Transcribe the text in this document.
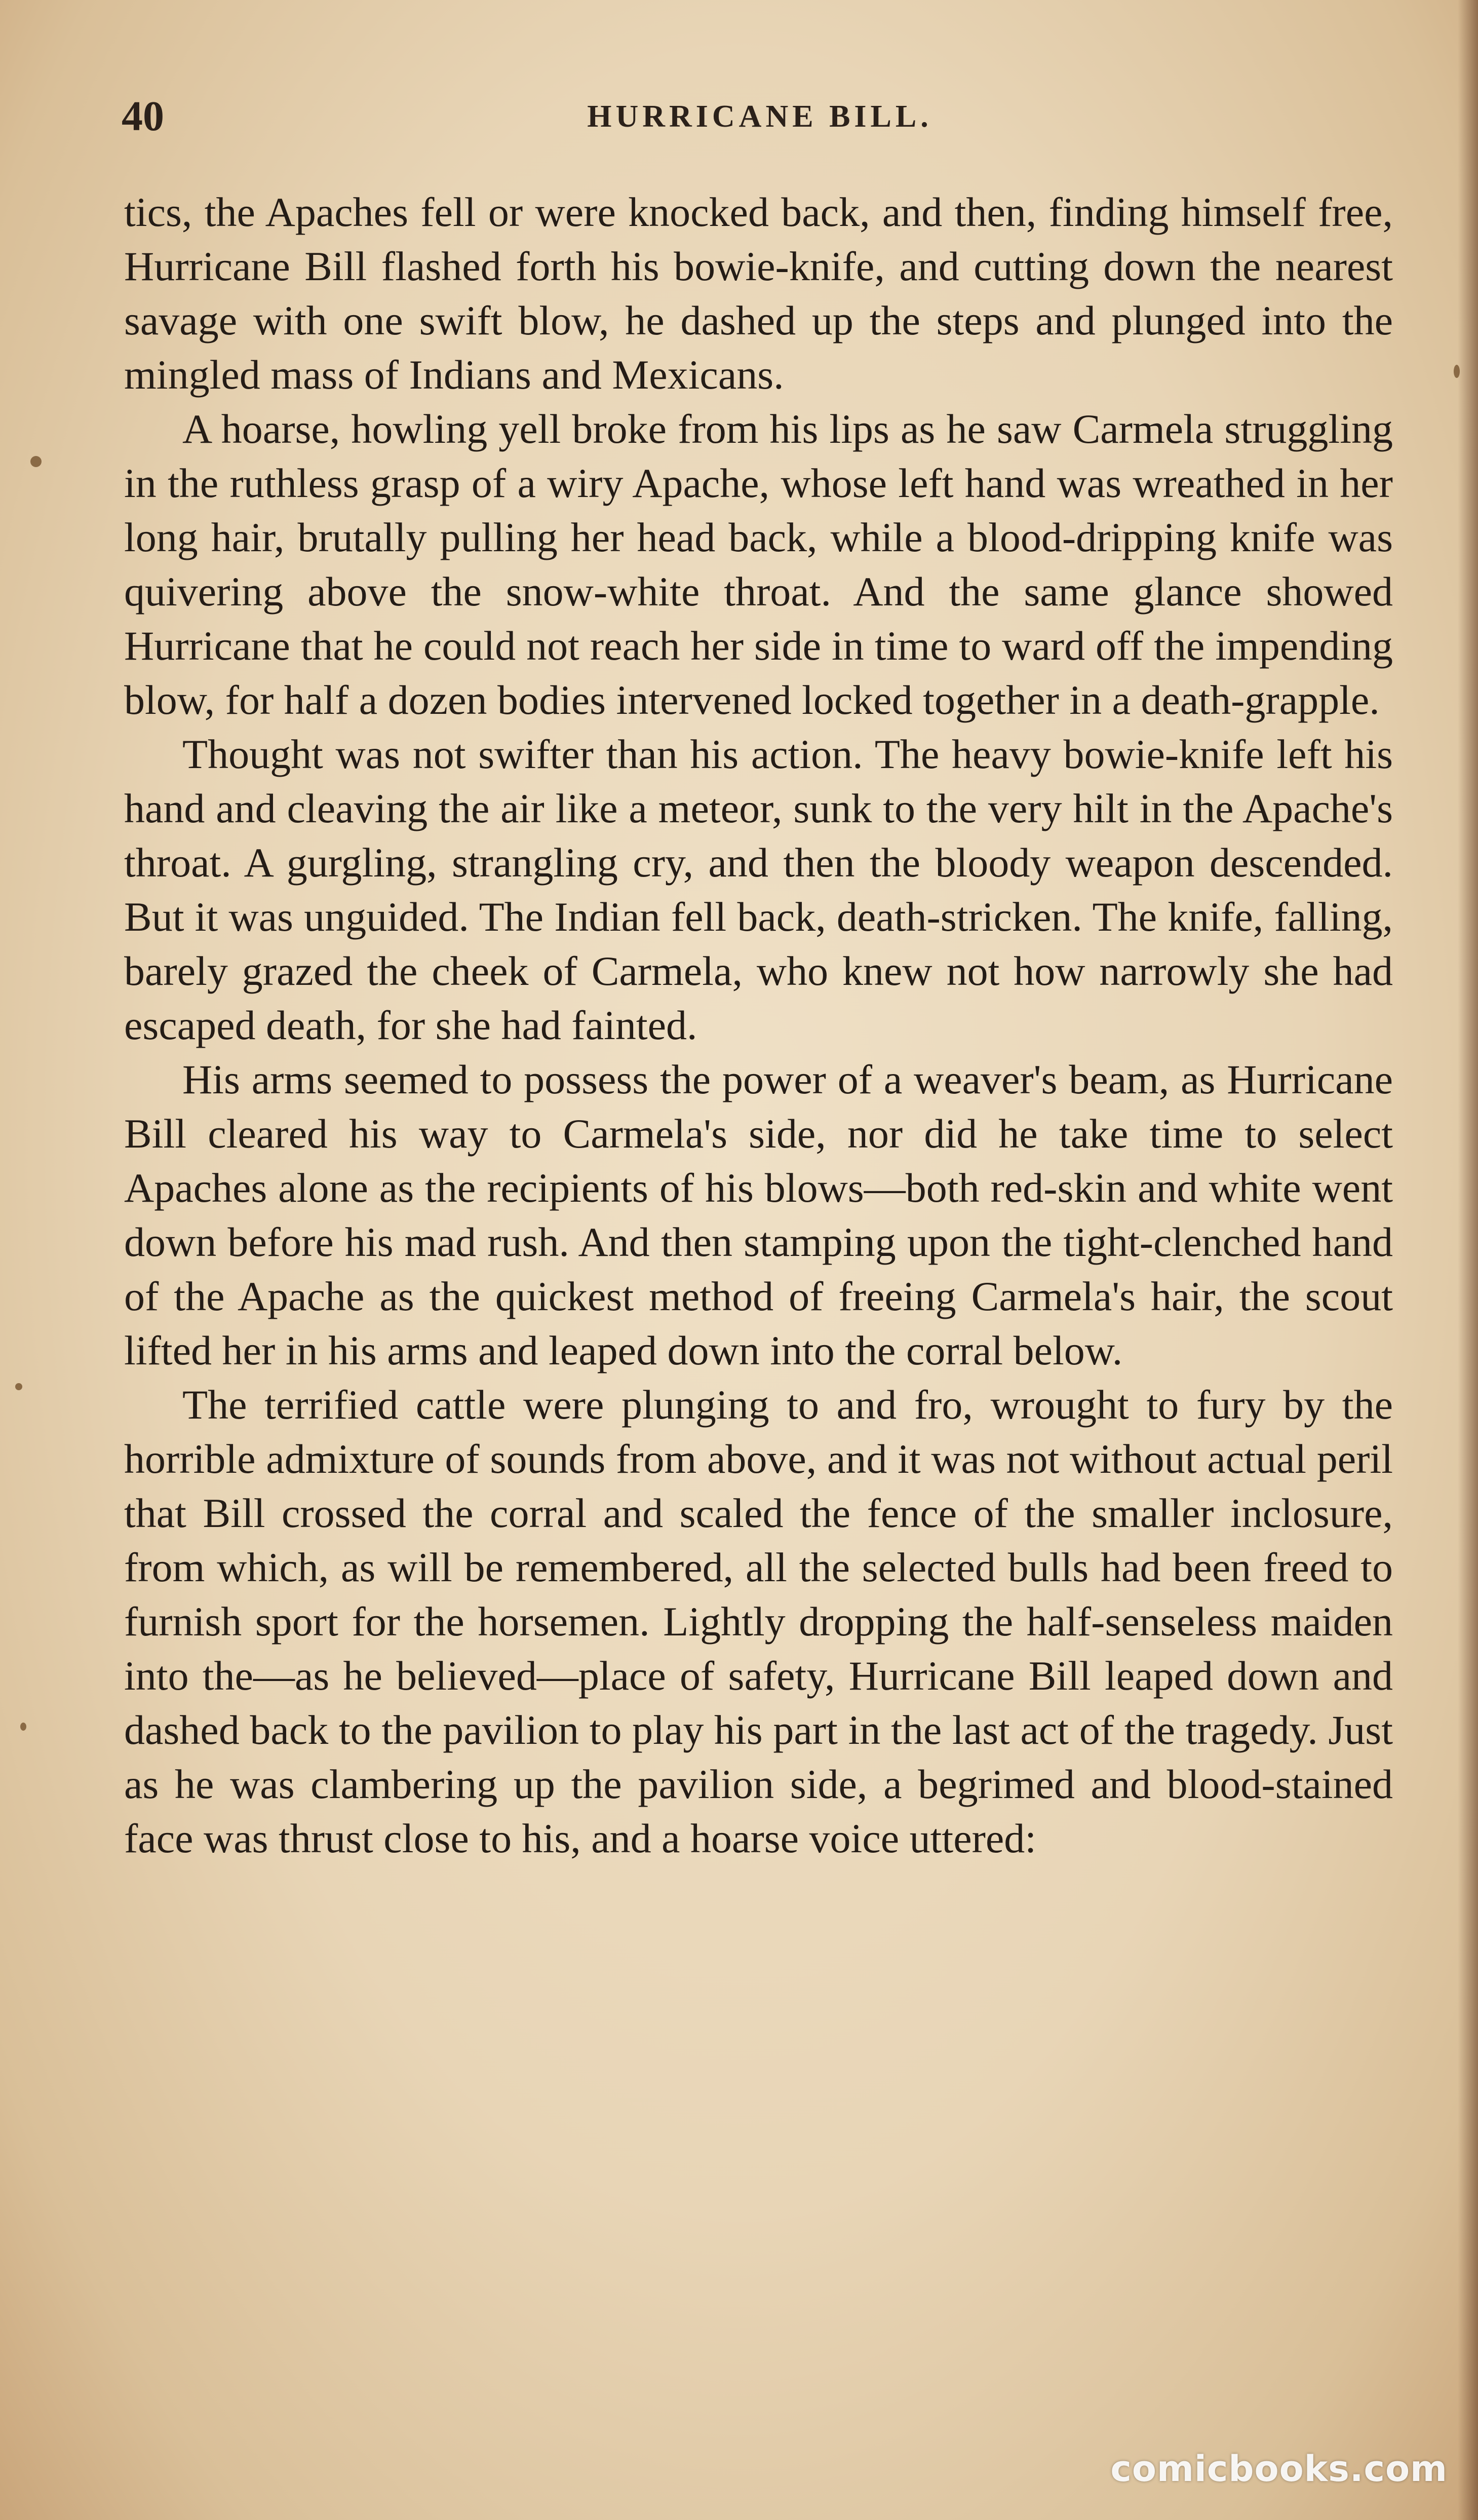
40	HURRICANE BILL.

tics, the Apaches fell or were knocked back, and then, finding himself free, Hurricane Bill flashed forth his bowie-knife, and cutting down the nearest savage with one swift blow, he dashed up the steps and plunged into the mingled mass of Indians and Mexicans.

A hoarse, howling yell broke from his lips as he saw Carmela struggling in the ruthless grasp of a wiry Apache, whose left hand was wreathed in her long hair, brutally pulling her head back, while a blood-dripping knife was quivering above the snow-white throat. And the same glance showed Hurricane that he could not reach her side in time to ward off the impending blow, for half a dozen bodies intervened locked together in a death-grapple.

Thought was not swifter than his action. The heavy bowie-knife left his hand and cleaving the air like a meteor, sunk to the very hilt in the Apache's throat. A gurgling, strangling cry, and then the bloody weapon descended. But it was unguided. The Indian fell back, death-stricken. The knife, falling, barely grazed the cheek of Carmela, who knew not how narrowly she had escaped death, for she had fainted.

His arms seemed to possess the power of a weaver's beam, as Hurricane Bill cleared his way to Carmela's side, nor did he take time to select Apaches alone as the recipients of his blows—both red-skin and white went down before his mad rush. And then stamping upon the tight-clenched hand of the Apache as the quickest method of freeing Carmela's hair, the scout lifted her in his arms and leaped down into the corral below.

The terrified cattle were plunging to and fro, wrought to fury by the horrible admixture of sounds from above, and it was not without actual peril that Bill crossed the corral and scaled the fence of the smaller inclosure, from which, as will be remembered, all the selected bulls had been freed to furnish sport for the horsemen. Lightly dropping the half-senseless maiden into the—as he believed—place of safety, Hurricane Bill leaped down and dashed back to the pavilion to play his part in the last act of the tragedy. Just as he was clambering up the pavilion side, a begrimed and blood-stained face was thrust close to his, and a hoarse voice uttered:

comicbooks.com
